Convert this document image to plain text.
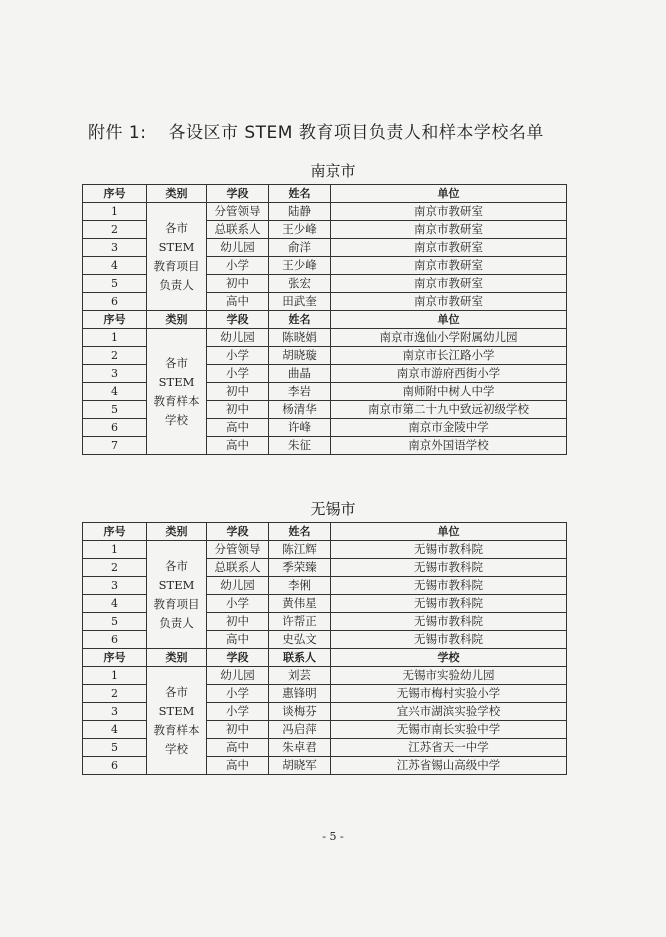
附件 1: 各设区市 STEM 教育项目负责人和样本学校名单
南京市
序号	类别	学段	姓名	单位
1	各市 STEM 教育项目负责人	分管领导	陆静	南京市教研室
2		总联系人	王少峰	南京市教研室
3		幼儿园	俞洋	南京市教研室
4		小学	王少峰	南京市教研室
5		初中	张宏	南京市教研室
6		高中	田武奎	南京市教研室
序号	类别	学段	姓名	单位
1	各市 STEM 教育样本学校	幼儿园	陈晓娟	南京市逸仙小学附属幼儿园
2		小学	胡晓璇	南京市长江路小学
3		小学	曲晶	南京市游府西街小学
4		初中	李岩	南师附中树人中学
5		初中	杨清华	南京市第二十九中致远初级学校
6		高中	许峰	南京市金陵中学
7		高中	朱征	南京外国语学校
无锡市
序号	类别	学段	姓名	单位
1	各市 STEM 教育项目负责人	分管领导	陈江辉	无锡市教科院
2		总联系人	季荣臻	无锡市教科院
3		幼儿园	李俐	无锡市教科院
4		小学	黄伟星	无锡市教科院
5		初中	许帮正	无锡市教科院
6		高中	史弘文	无锡市教科院
序号	类别	学段	联系人	学校
1	各市 STEM 教育样本学校	幼儿园	刘芸	无锡市实验幼儿园
2		小学	惠锋明	无锡市梅村实验小学
3		小学	谈梅芬	宜兴市湖滨实验学校
4		初中	冯启萍	无锡市南长实验中学
5		高中	朱卓君	江苏省天一中学
6		高中	胡晓军	江苏省锡山高级中学
- 5 -
